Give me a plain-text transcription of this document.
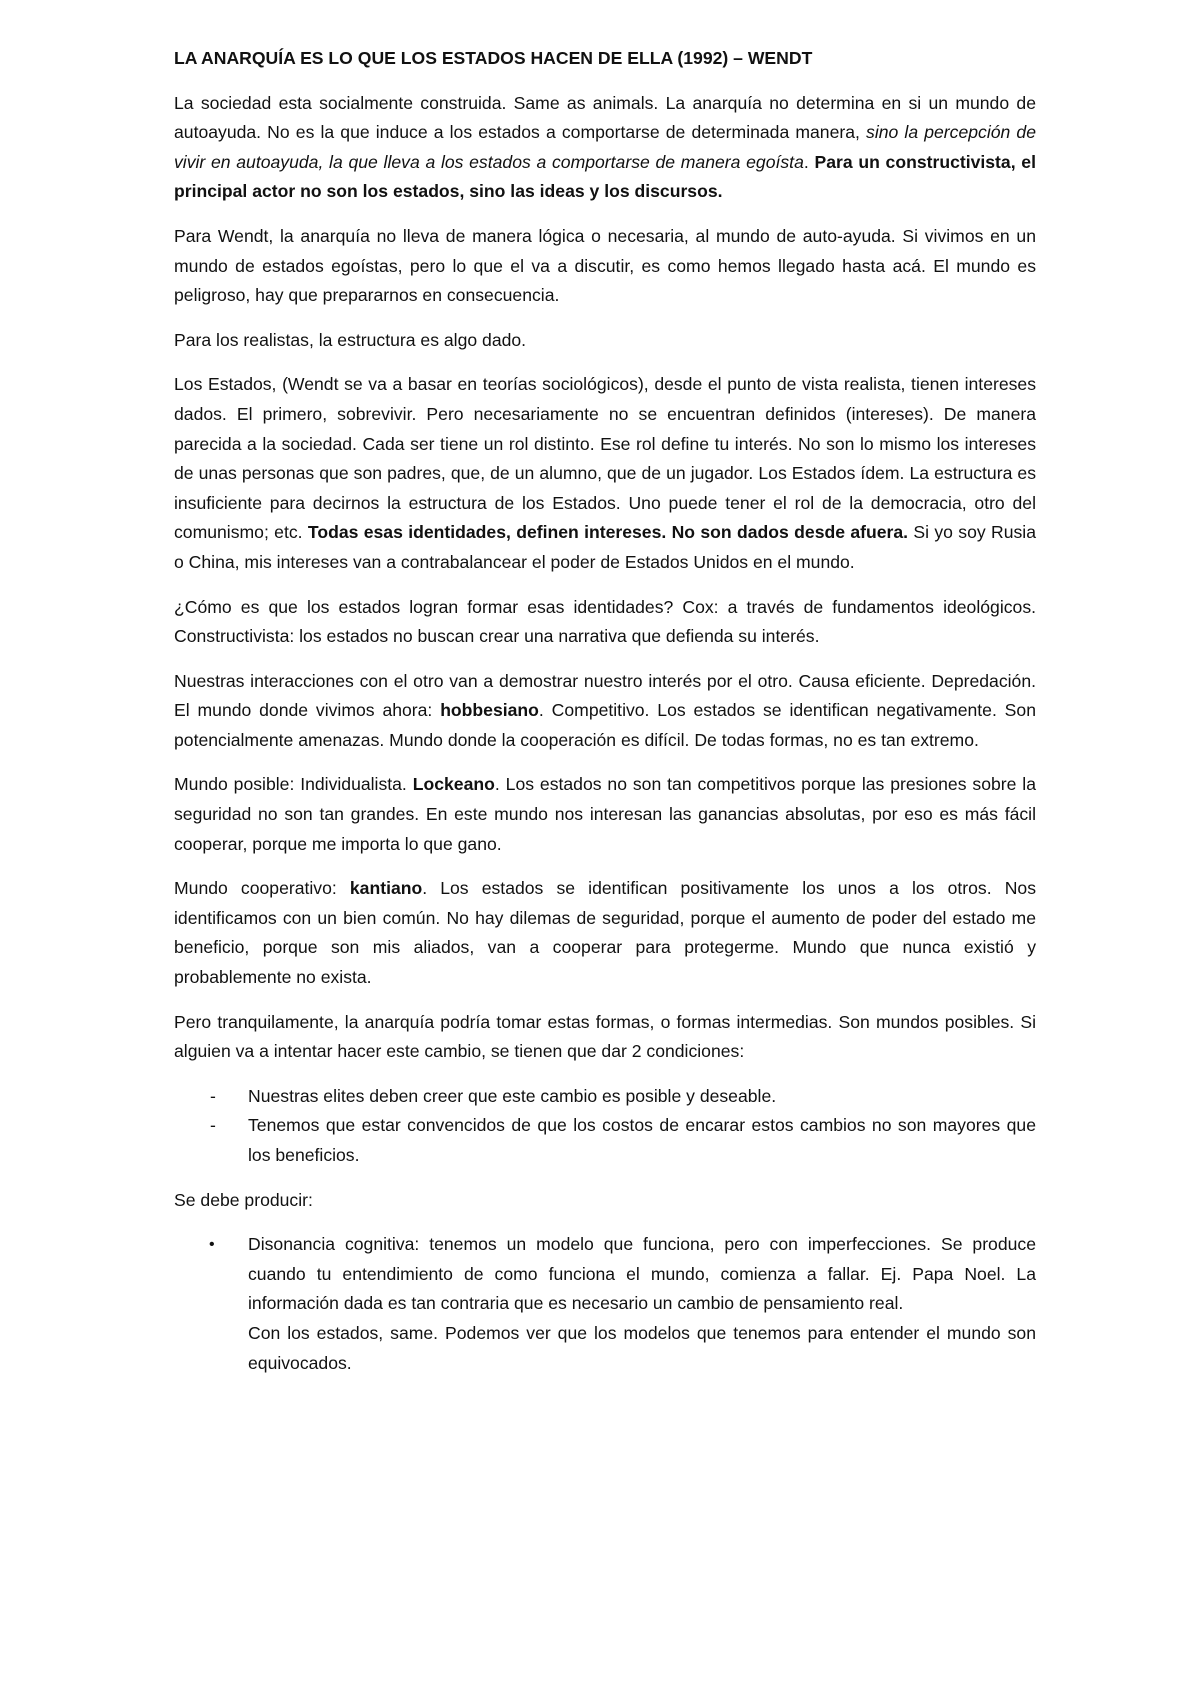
LA ANARQUÍA ES LO QUE LOS ESTADOS HACEN DE ELLA (1992) – WENDT

La sociedad esta socialmente construida. Same as animals. La anarquía no determina en si un mundo de autoayuda. No es la que induce a los estados a comportarse de determinada manera, sino la percepción de vivir en autoayuda, la que lleva a los estados a comportarse de manera egoísta. Para un constructivista, el principal actor no son los estados, sino las ideas y los discursos.

Para Wendt, la anarquía no lleva de manera lógica o necesaria, al mundo de auto-ayuda. Si vivimos en un mundo de estados egoístas, pero lo que el va a discutir, es como hemos llegado hasta acá. El mundo es peligroso, hay que prepararnos en consecuencia.

Para los realistas, la estructura es algo dado.

Los Estados, (Wendt se va a basar en teorías sociológicos), desde el punto de vista realista, tienen intereses dados. El primero, sobrevivir. Pero necesariamente no se encuentran definidos (intereses). De manera parecida a la sociedad. Cada ser tiene un rol distinto. Ese rol define tu interés. No son lo mismo los intereses de unas personas que son padres, que, de un alumno, que de un jugador. Los Estados ídem. La estructura es insuficiente para decirnos la estructura de los Estados. Uno puede tener el rol de la democracia, otro del comunismo; etc. Todas esas identidades, definen intereses. No son dados desde afuera. Si yo soy Rusia o China, mis intereses van a contrabalancear el poder de Estados Unidos en el mundo.

¿Cómo es que los estados logran formar esas identidades? Cox: a través de fundamentos ideológicos. Constructivista: los estados no buscan crear una narrativa que defienda su interés.

Nuestras interacciones con el otro van a demostrar nuestro interés por el otro. Causa eficiente. Depredación. El mundo donde vivimos ahora: hobbesiano. Competitivo. Los estados se identifican negativamente. Son potencialmente amenazas. Mundo donde la cooperación es difícil. De todas formas, no es tan extremo.

Mundo posible: Individualista. Lockeano. Los estados no son tan competitivos porque las presiones sobre la seguridad no son tan grandes. En este mundo nos interesan las ganancias absolutas, por eso es más fácil cooperar, porque me importa lo que gano.

Mundo cooperativo: kantiano. Los estados se identifican positivamente los unos a los otros. Nos identificamos con un bien común. No hay dilemas de seguridad, porque el aumento de poder del estado me beneficio, porque son mis aliados, van a cooperar para protegerme. Mundo que nunca existió y probablemente no exista.

Pero tranquilamente, la anarquía podría tomar estas formas, o formas intermedias. Son mundos posibles. Si alguien va a intentar hacer este cambio, se tienen que dar 2 condiciones:

- Nuestras elites deben creer que este cambio es posible y deseable.
- Tenemos que estar convencidos de que los costos de encarar estos cambios no son mayores que los beneficios.

Se debe producir:

• Disonancia cognitiva: tenemos un modelo que funciona, pero con imperfecciones. Se produce cuando tu entendimiento de como funciona el mundo, comienza a fallar. Ej. Papa Noel. La información dada es tan contraria que es necesario un cambio de pensamiento real.

Con los estados, same. Podemos ver que los modelos que tenemos para entender el mundo son equivocados.
